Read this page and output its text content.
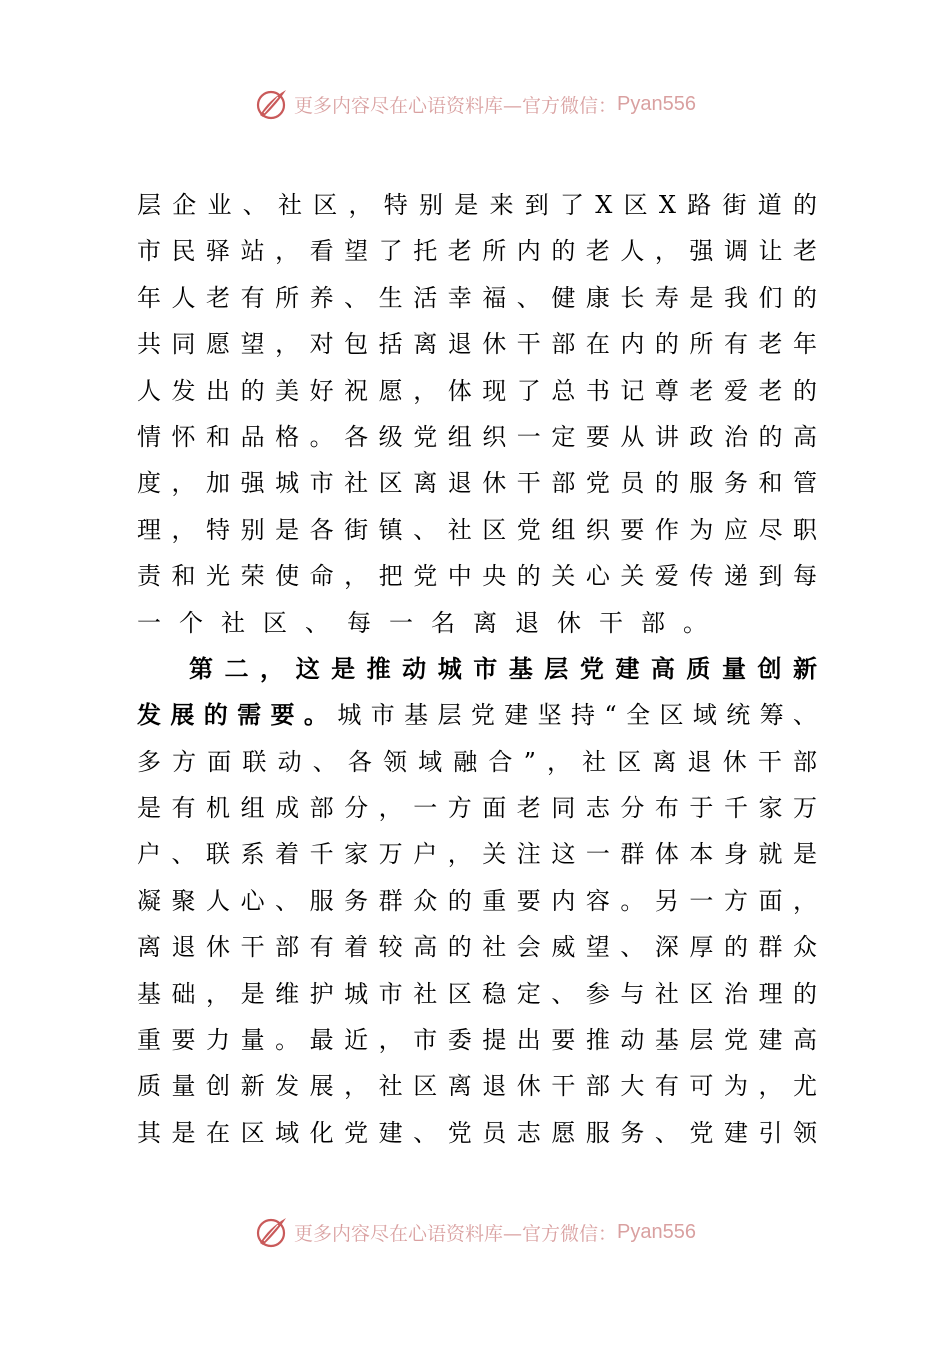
更多内容尽在心语资料库—官方微信： Pyan556
层企业、社区，特别是来到了X区X路街道的
市民驿站，看望了托老所内的老人，强调让老
年人老有所养、生活幸福、健康长寿是我们的
共同愿望，对包括离退休干部在内的所有老年
人发出的美好祝愿，体现了总书记尊老爱老的
情怀和品格。各级党组织一定要从讲政治的高
度，加强城市社区离退休干部党员的服务和管
理，特别是各街镇、社区党组织要作为应尽职
责和光荣使命，把党中央的关心关爱传递到每
一个社区、每一名离退休干部。
第二，这是推动城市基层党建高质量创新
发展的需要。城市基层党建坚持“全区域统筹、
多方面联动、各领域融合”，社区离退休干部
是有机组成部分，一方面老同志分布于千家万
户、联系着千家万户，关注这一群体本身就是
凝聚人心、服务群众的重要内容。另一方面，
离退休干部有着较高的社会威望、深厚的群众
基础，是维护城市社区稳定、参与社区治理的
重要力量。最近，市委提出要推动基层党建高
质量创新发展，社区离退休干部大有可为，尤
其是在区域化党建、党员志愿服务、党建引领
更多内容尽在心语资料库—官方微信： Pyan556
